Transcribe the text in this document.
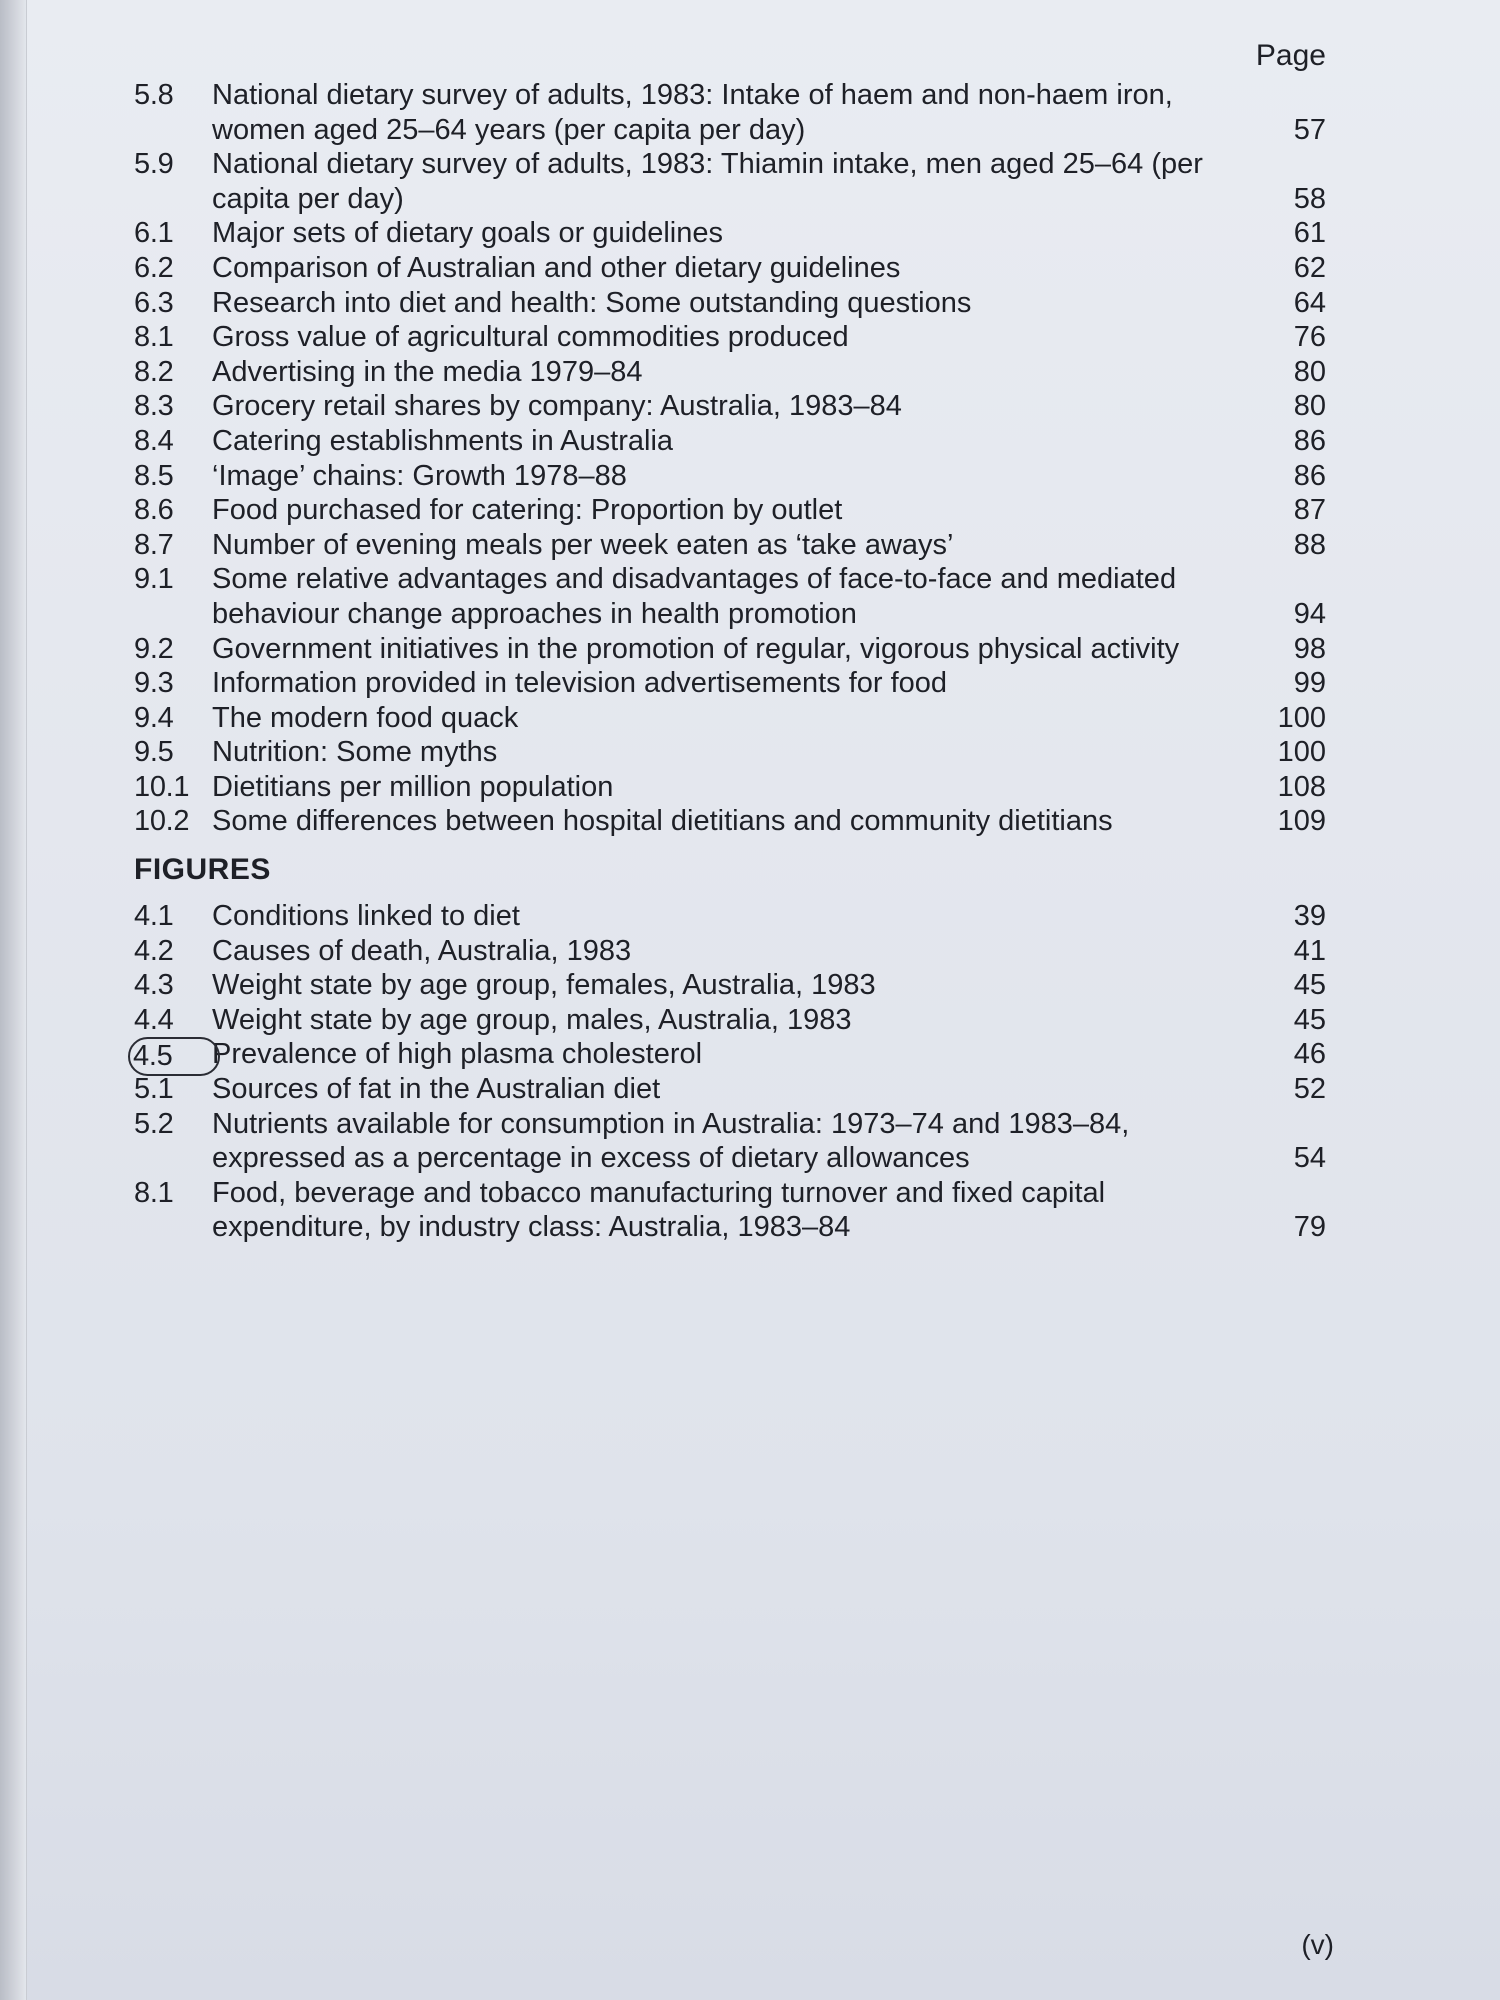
Page
5.8	National dietary survey of adults, 1983: Intake of haem and non-haem iron, women aged 25–64 years (per capita per day)	57
5.9	National dietary survey of adults, 1983: Thiamin intake, men aged 25–64 (per capita per day)	58
6.1	Major sets of dietary goals or guidelines	61
6.2	Comparison of Australian and other dietary guidelines	62
6.3	Research into diet and health: Some outstanding questions	64
8.1	Gross value of agricultural commodities produced	76
8.2	Advertising in the media 1979–84	80
8.3	Grocery retail shares by company: Australia, 1983–84	80
8.4	Catering establishments in Australia	86
8.5	‘Image’ chains: Growth 1978–88	86
8.6	Food purchased for catering: Proportion by outlet	87
8.7	Number of evening meals per week eaten as ‘take aways’	88
9.1	Some relative advantages and disadvantages of face-to-face and mediated behaviour change approaches in health promotion	94
9.2	Government initiatives in the promotion of regular, vigorous physical activity	98
9.3	Information provided in television advertisements for food	99
9.4	The modern food quack	100
9.5	Nutrition: Some myths	100
10.1 Dietitians per million population	108
10.2 Some differences between hospital dietitians and community dietitians	109
FIGURES
4.1	Conditions linked to diet	39
4.2	Causes of death, Australia, 1983	41
4.3	Weight state by age group, females, Australia, 1983	45
4.4	Weight state by age group, males, Australia, 1983	45
4.5	Prevalence of high plasma cholesterol	46
5.1	Sources of fat in the Australian diet	52
5.2	Nutrients available for consumption in Australia: 1973–74 and 1983–84, expressed as a percentage in excess of dietary allowances	54
8.1	Food, beverage and tobacco manufacturing turnover and fixed capital expenditure, by industry class: Australia, 1983–84	79
(v)
